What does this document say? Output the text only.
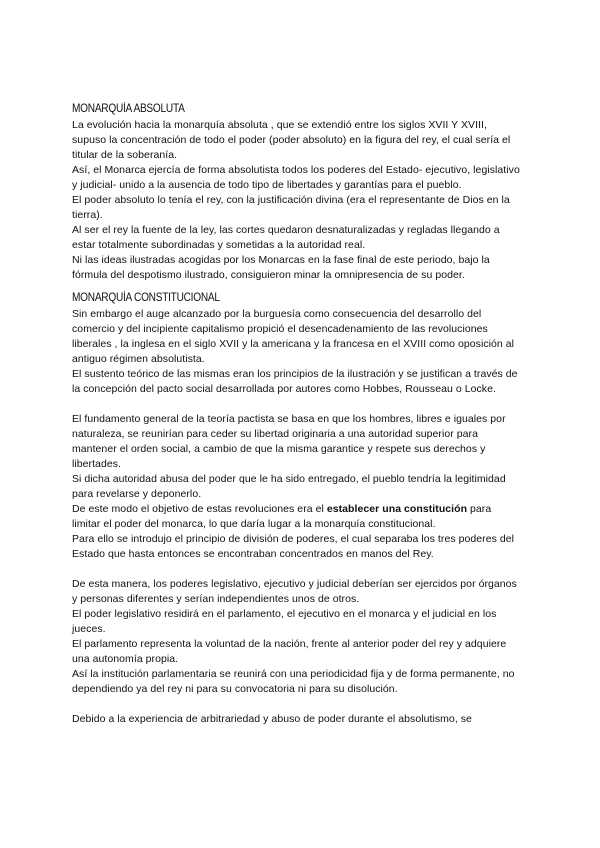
MONARQUÍA ABSOLUTA

La evolución hacia la monarquía absoluta , que se extendió entre los siglos XVII Y XVIII, supuso la concentración de todo el poder (poder absoluto) en la figura del rey, el cual sería el titular de la soberanía.

Así, el Monarca ejercía de forma absolutista todos los poderes del Estado- ejecutivo, legislativo y judicial- unido a la ausencia de todo tipo de libertades y garantías para el pueblo.

El poder absoluto lo tenía el rey, con la justificación divina (era el representante de Dios en la tierra).

Al ser el rey la fuente de la ley, las cortes quedaron desnaturalizadas y regladas llegando a estar totalmente subordinadas y sometidas a la autoridad real.

Ni las ideas ilustradas acogidas por los Monarcas en la fase final de este periodo, bajo la fórmula del despotismo ilustrado, consiguieron minar la omnipresencia de su poder.

MONARQUÍA CONSTITUCIONAL

Sin embargo el auge alcanzado por la burguesía como consecuencia del desarrollo del comercio y del incipiente capitalismo propició el desencadenamiento de las revoluciones liberales , la inglesa en el siglo XVII y la americana y la francesa en el XVIII como oposición al antiguo régimen absolutista.

El sustento teórico de las mismas eran los principios de la ilustración y se justifican a través de la concepción del pacto social desarrollada por autores como Hobbes, Rousseau o Locke.

El fundamento general de la teoría pactista se basa en que los hombres, libres e iguales por naturaleza, se reunirían para ceder su libertad originaria a una autoridad superior para mantener el orden social, a cambio de que la misma garantice y respete sus derechos y libertades.

Si dicha autoridad abusa del poder que le ha sido entregado, el pueblo tendría la legitimidad para revelarse y deponerlo.

De este modo el objetivo de estas revoluciones era el establecer una constitución para limitar el poder del monarca, lo que daría lugar a la monarquía constitucional.

Para ello se introdujo el principio de división de poderes, el cual separaba los tres poderes del Estado que hasta entonces se encontraban concentrados en manos del Rey.

De esta manera, los poderes legislativo, ejecutivo y judicial deberían ser ejercidos por órganos y personas diferentes y serían independientes unos de otros.

El poder legislativo residirá en el parlamento, el ejecutivo en el monarca y el judicial en los jueces.

El parlamento representa la voluntad de la nación, frente al anterior poder del rey y adquiere una autonomía propia.

Así la institución parlamentaria se reunirá con una periodicidad fija y de forma permanente, no dependiendo ya del rey ni para su convocatoria ni para su disolución.

Debido a la experiencia de arbitrariedad y abuso de poder durante el absolutismo, se
